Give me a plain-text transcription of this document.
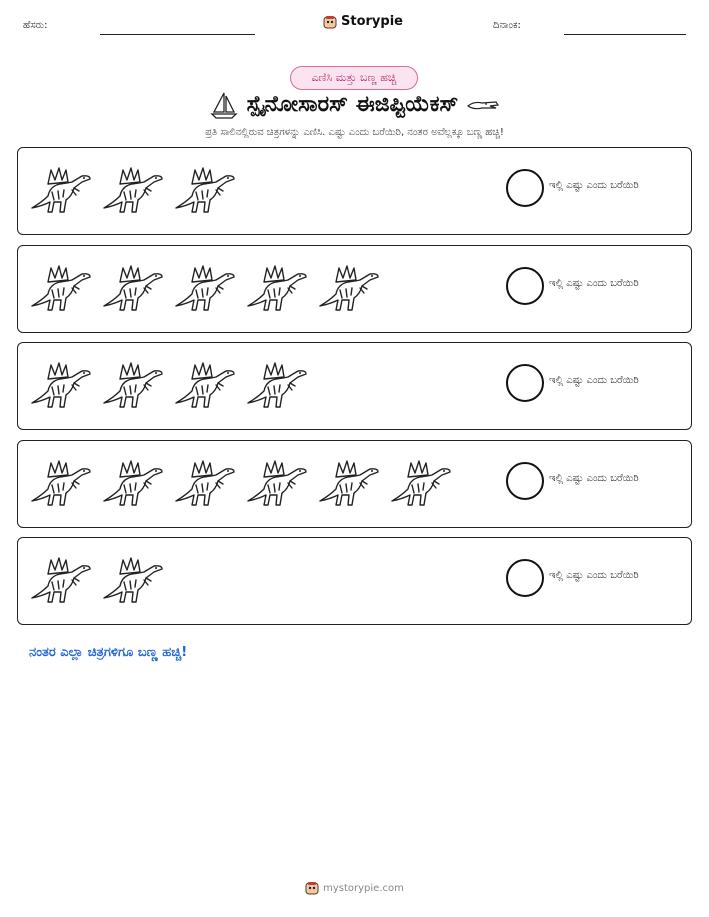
ಹೆಸರು:	Storypie	ದಿನಾಂಕ:
ಎಣಿಸಿ ಮತ್ತು ಬಣ್ಣ ಹಚ್ಚಿ
ಸ್ಪೈನೋಸಾರಸ್ ಈಜಿಪ್ಟಿಯೆಕಸ್
ಪ್ರತಿ ಸಾಲಿನಲ್ಲಿರುವ ಚಿತ್ರಗಳನ್ನು ಎಣಿಸಿ. ಎಷ್ಟು ಎಂದು ಬರೆಯಿರಿ, ನಂತರ ಅವೆಲ್ಲಕ್ಕೂ ಬಣ್ಣ ಹಚ್ಚಿ!
ಇಲ್ಲಿ ಎಷ್ಟು ಎಂದು ಬರೆಯಿರಿ
ಇಲ್ಲಿ ಎಷ್ಟು ಎಂದು ಬರೆಯಿರಿ
ಇಲ್ಲಿ ಎಷ್ಟು ಎಂದು ಬರೆಯಿರಿ
ಇಲ್ಲಿ ಎಷ್ಟು ಎಂದು ಬರೆಯಿರಿ
ಇಲ್ಲಿ ಎಷ್ಟು ಎಂದು ಬರೆಯಿರಿ
ನಂತರ ಎಲ್ಲಾ ಚಿತ್ರಗಳಿಗೂ ಬಣ್ಣ ಹಚ್ಚಿ!
mystorypie.com
